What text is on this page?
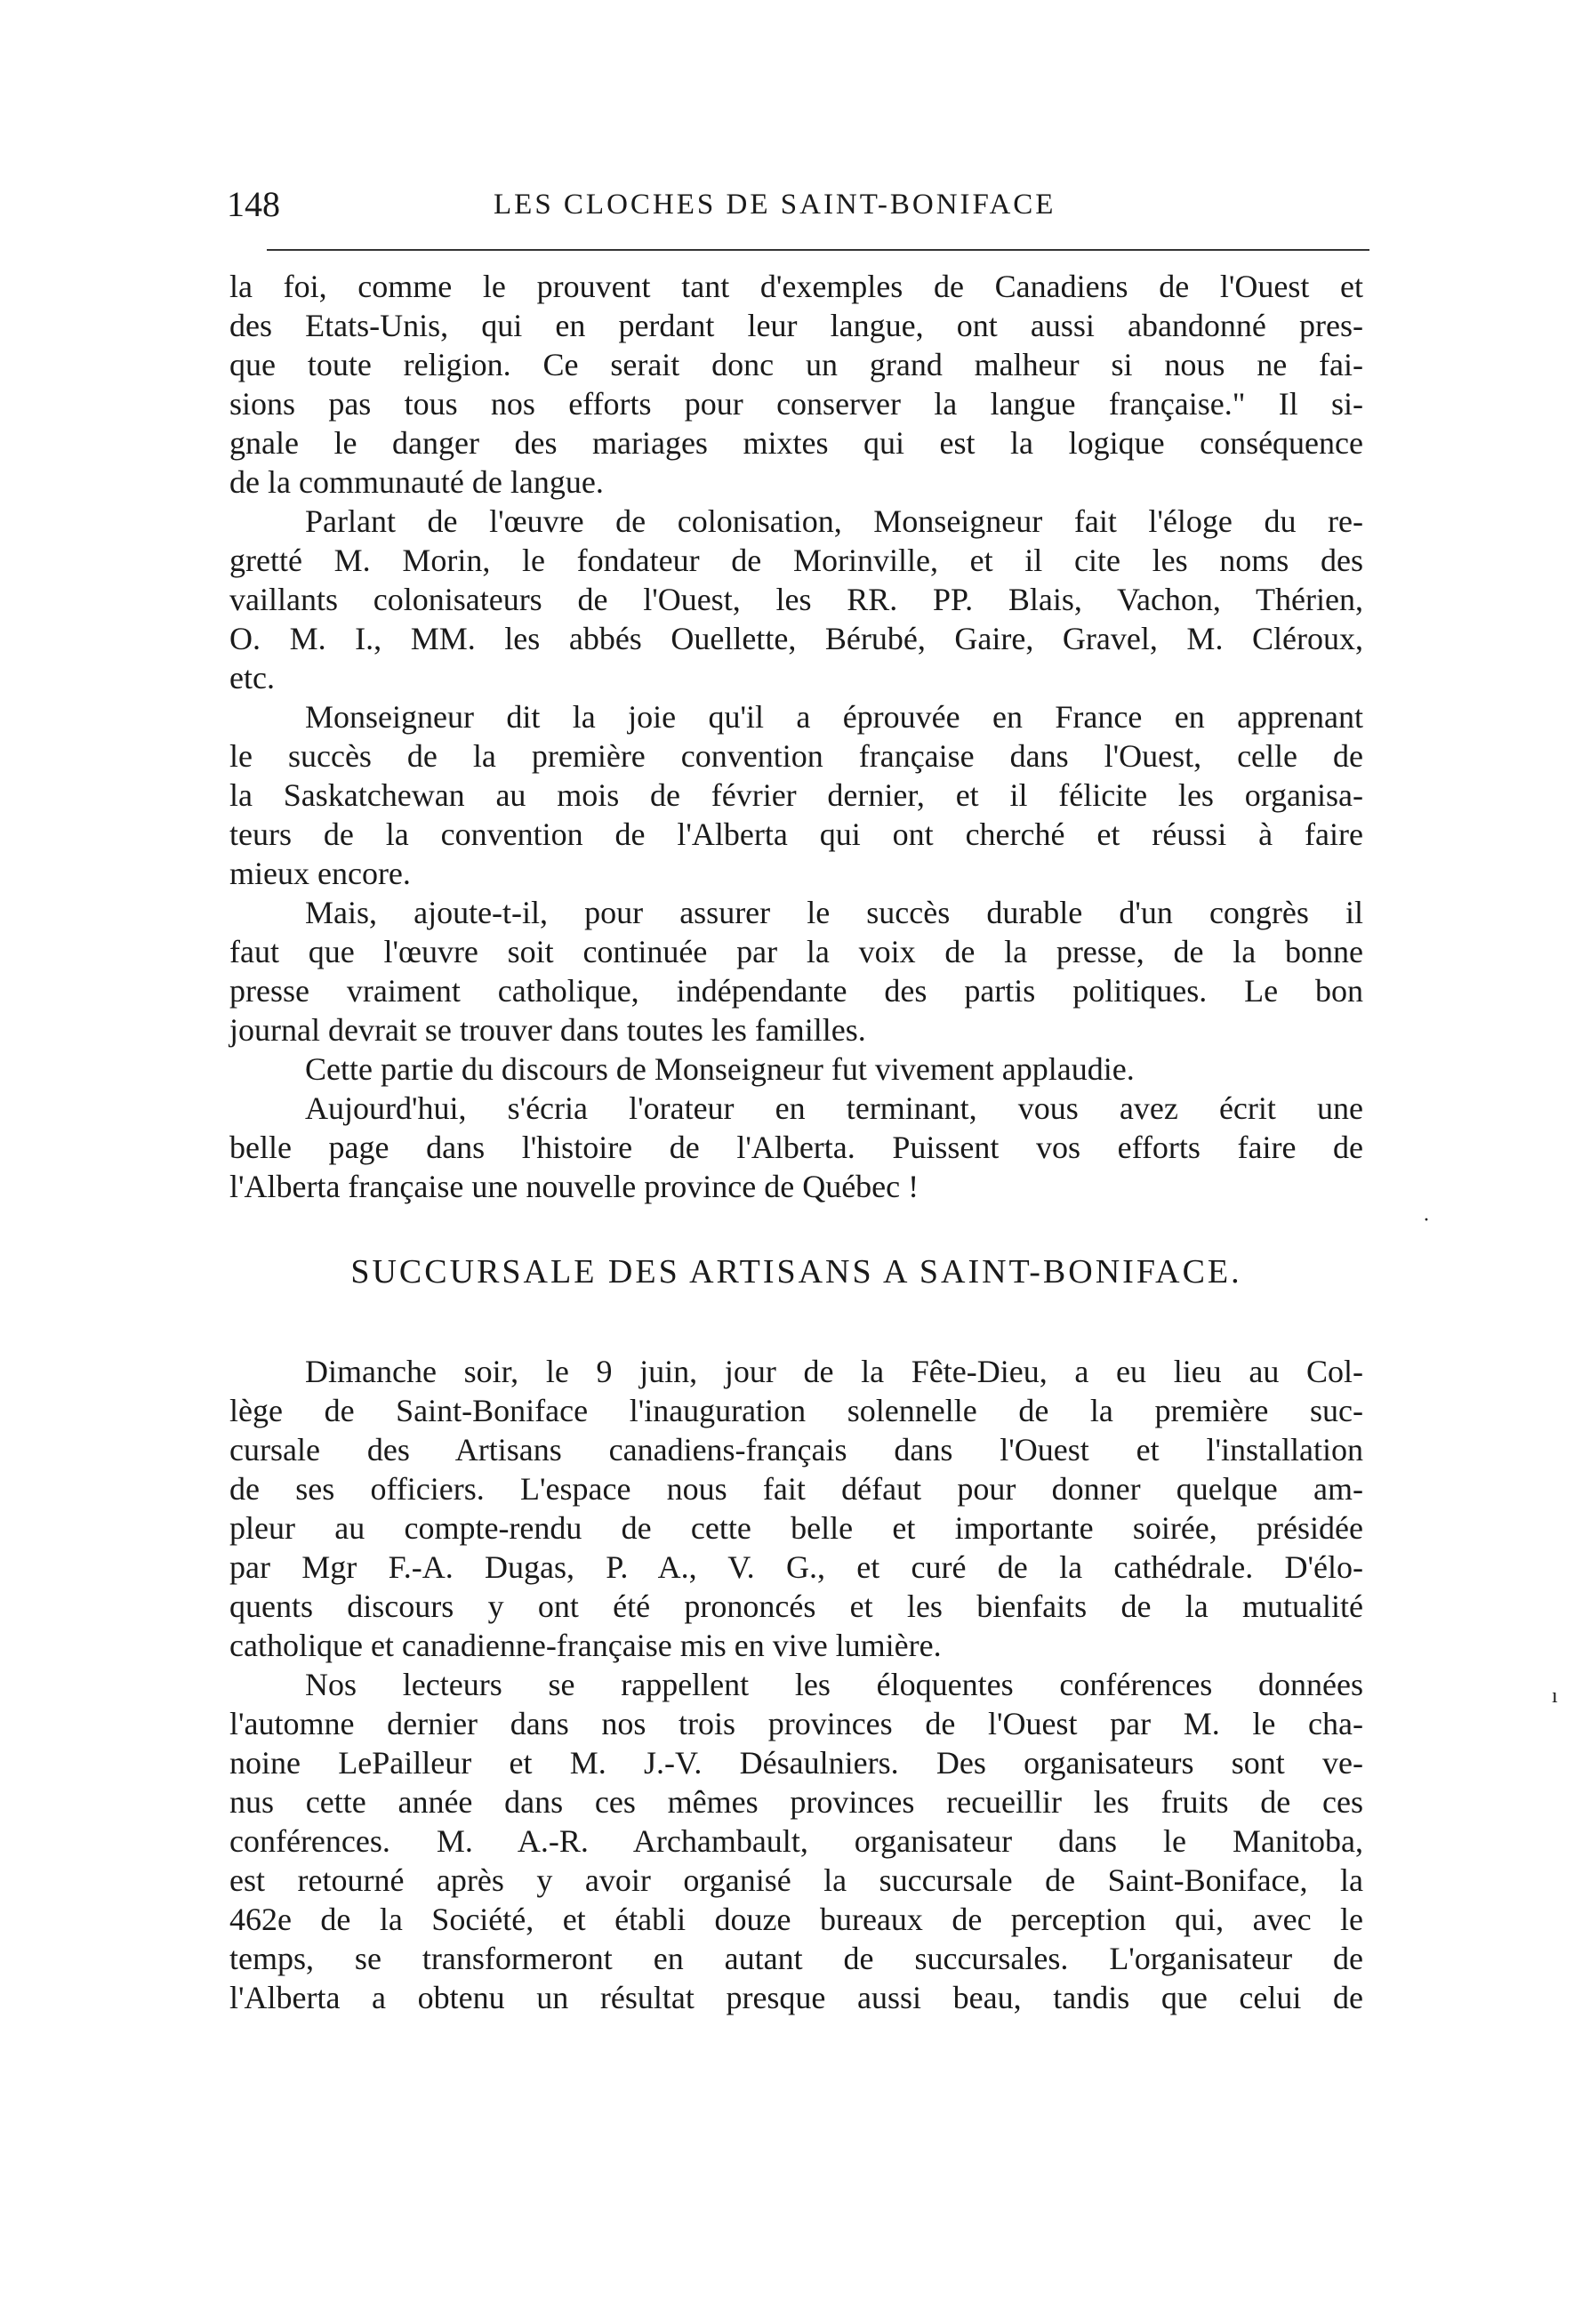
148	LES CLOCHES DE SAINT-BONIFACE
la foi, comme le prouvent tant d'exemples de Canadiens de l'Ouest et
des Etats-Unis, qui en perdant leur langue, ont aussi abandonné pres-
que toute religion. Ce serait donc un grand malheur si nous ne fai-
sions pas tous nos efforts pour conserver la langue française." Il si-
gnale le danger des mariages mixtes qui est la logique conséquence
de la communauté de langue.
Parlant de l'œuvre de colonisation, Monseigneur fait l'éloge du re-
gretté M. Morin, le fondateur de Morinville, et il cite les noms des
vaillants colonisateurs de l'Ouest, les RR. PP. Blais, Vachon, Thérien,
O. M. I., MM. les abbés Ouellette, Bérubé, Gaire, Gravel, M. Cléroux,
etc.
Monseigneur dit la joie qu'il a éprouvée en France en apprenant
le succès de la première convention française dans l'Ouest, celle de
la Saskatchewan au mois de février dernier, et il félicite les organisa-
teurs de la convention de l'Alberta qui ont cherché et réussi à faire
mieux encore.
Mais, ajoute-t-il, pour assurer le succès durable d'un congrès il
faut que l'œuvre soit continuée par la voix de la presse, de la bonne
presse vraiment catholique, indépendante des partis politiques. Le bon
journal devrait se trouver dans toutes les familles.
Cette partie du discours de Monseigneur fut vivement applaudie.
Aujourd'hui, s'écria l'orateur en terminant, vous avez écrit une
belle page dans l'histoire de l'Alberta. Puissent vos efforts faire de
l'Alberta française une nouvelle province de Québec !
SUCCURSALE DES ARTISANS A SAINT-BONIFACE.
Dimanche soir, le 9 juin, jour de la Fête-Dieu, a eu lieu au Col-
lège de Saint-Boniface l'inauguration solennelle de la première suc-
cursale des Artisans canadiens-français dans l'Ouest et l'installation
de ses officiers. L'espace nous fait défaut pour donner quelque am-
pleur au compte-rendu de cette belle et importante soirée, présidée
par Mgr F.-A. Dugas, P. A., V. G., et curé de la cathédrale. D'élo-
quents discours y ont été prononcés et les bienfaits de la mutualité
catholique et canadienne-française mis en vive lumière.
Nos lecteurs se rappellent les éloquentes conférences données
l'automne dernier dans nos trois provinces de l'Ouest par M. le cha-
noine LePailleur et M. J.-V. Désaulniers. Des organisateurs sont ve-
nus cette année dans ces mêmes provinces recueillir les fruits de ces
conférences. M. A.-R. Archambault, organisateur dans le Manitoba,
est retourné après y avoir organisé la succursale de Saint-Boniface, la
462e de la Société, et établi douze bureaux de perception qui, avec le
temps, se transformeront en autant de succursales. L'organisateur de
l'Alberta a obtenu un résultat presque aussi beau, tandis que celui de
·
ı
